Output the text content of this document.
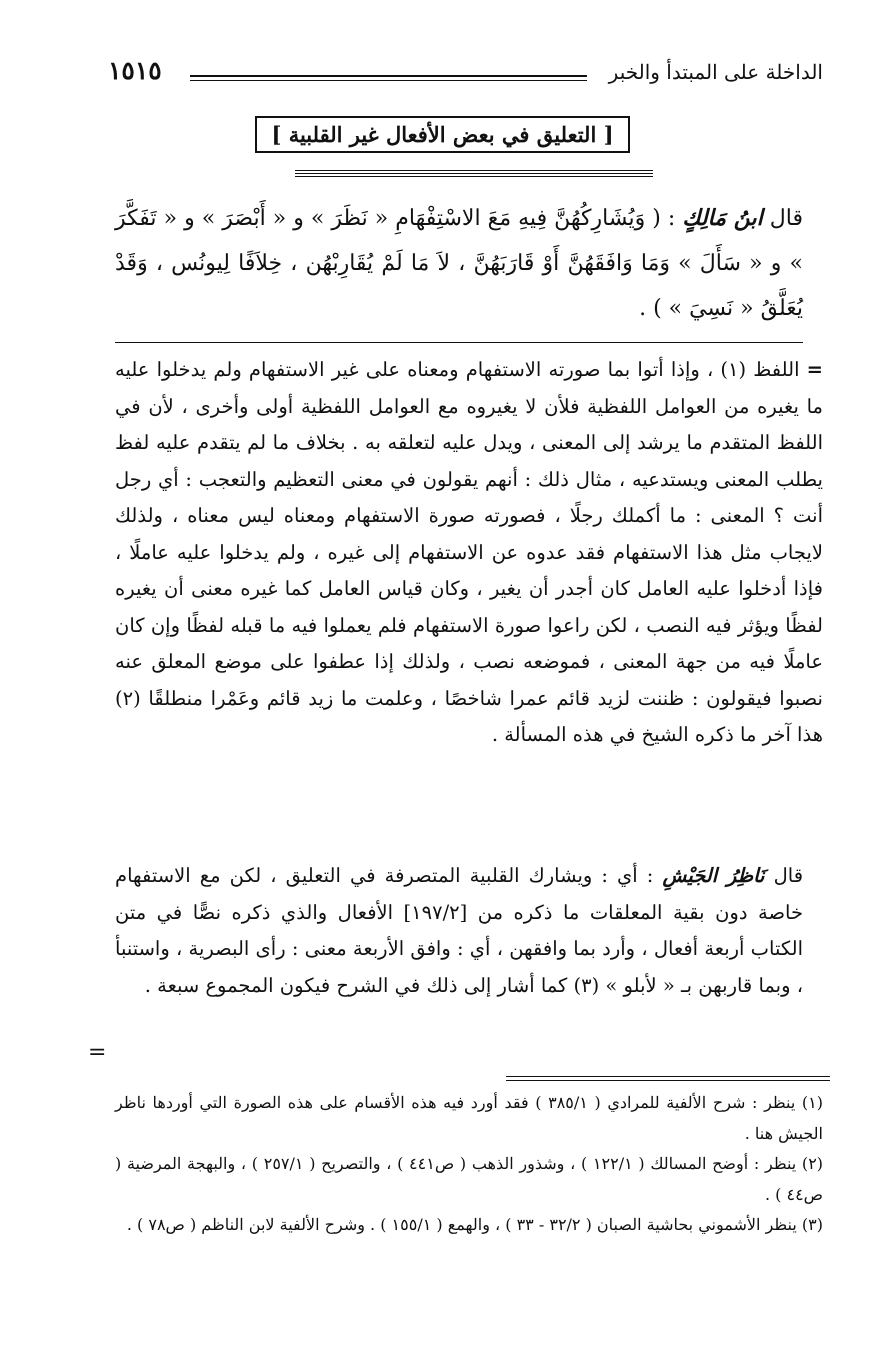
الداخلة على المبتدأ والخبر
١٥١٥
[ التعليق في بعض الأفعال غير القلبية ]
قال ابنُ مَالِكٍ : ( وَيُشَارِكُهُنَّ فِيهِ مَعَ الاسْتِفْهَامِ « نَظَرَ » و « أَبْصَرَ » و « تَفَكَّرَ » و « سَأَلَ » وَمَا وَافَقَهُنَّ أَوْ قَارَبَهُنَّ ، لاَ مَا لَمْ يُقَارِبْهُن ، خِلاَفًا لِيونُس ، وَقَدْ يُعَلَّقُ « نَسِيَ » ) .
= اللفظ (١) ، وإذا أتوا بما صورته الاستفهام ومعناه على غير الاستفهام ولم يدخلوا عليه ما يغيره من العوامل اللفظية فلأن لا يغيروه مع العوامل اللفظية أولى وأخرى ، لأن في اللفظ المتقدم ما يرشد إلى المعنى ، ويدل عليه لتعلقه به . بخلاف ما لم يتقدم عليه لفظ يطلب المعنى ويستدعيه ، مثال ذلك : أنهم يقولون في معنى التعظيم والتعجب : أي رجل أنت ؟ المعنى : ما أكملك رجلًا ، فصورته صورة الاستفهام ومعناه ليس معناه ، ولذلك لايجاب مثل هذا الاستفهام فقد عدوه عن الاستفهام إلى غيره ، ولم يدخلوا عليه عاملًا ، فإذا أدخلوا عليه العامل كان أجدر أن يغير ، وكان قياس العامل كما غيره معنى أن يغيره لفظًا ويؤثر فيه النصب ، لكن راعوا صورة الاستفهام فلم يعملوا فيه ما قبله لفظًا وإن كان عاملًا فيه من جهة المعنى ، فموضعه نصب ، ولذلك إذا عطفوا على موضع المعلق عنه نصبوا فيقولون : ظننت لزيد قائم عمرا شاخصًا ، وعلمت ما زيد قائم وعَمْرا منطلقًا (٢) هذا آخر ما ذكره الشيخ في هذه المسألة .
قال نَاظِرُ الجَيْشِ : أي : ويشارك القلبية المتصرفة في التعليق ، لكن مع الاستفهام خاصة دون بقية المعلقات ما ذكره من [١٩٧/٢] الأفعال والذي ذكره نصًّا في متن الكتاب أربعة أفعال ، وأرد بما وافقهن ، أي : وافق الأربعة معنى : رأى البصرية ، واستنبأ ، وبما قاربهن بـ « لأبلو » (٣) كما أشار إلى ذلك في الشرح فيكون المجموع سبعة .
=

(١) ينظر : شرح الألفية للمرادي ( ٣٨٥/١ ) فقد أورد فيه هذه الأقسام على هذه الصورة التي أوردها ناظر الجيش هنا .

(٢) ينظر : أوضح المسالك ( ١٢٢/١ ) ، وشذور الذهب ( ص٤٤١ ) ، والتصريح ( ٢٥٧/١ ) ، والبهجة المرضية ( ص٤٤ ) .

(٣) ينظر الأشموني بحاشية الصبان ( ٣٢/٢ - ٣٣ ) ، والهمع ( ١٥٥/١ ) . وشرح الألفية لابن الناظم ( ص٧٨ ) .
